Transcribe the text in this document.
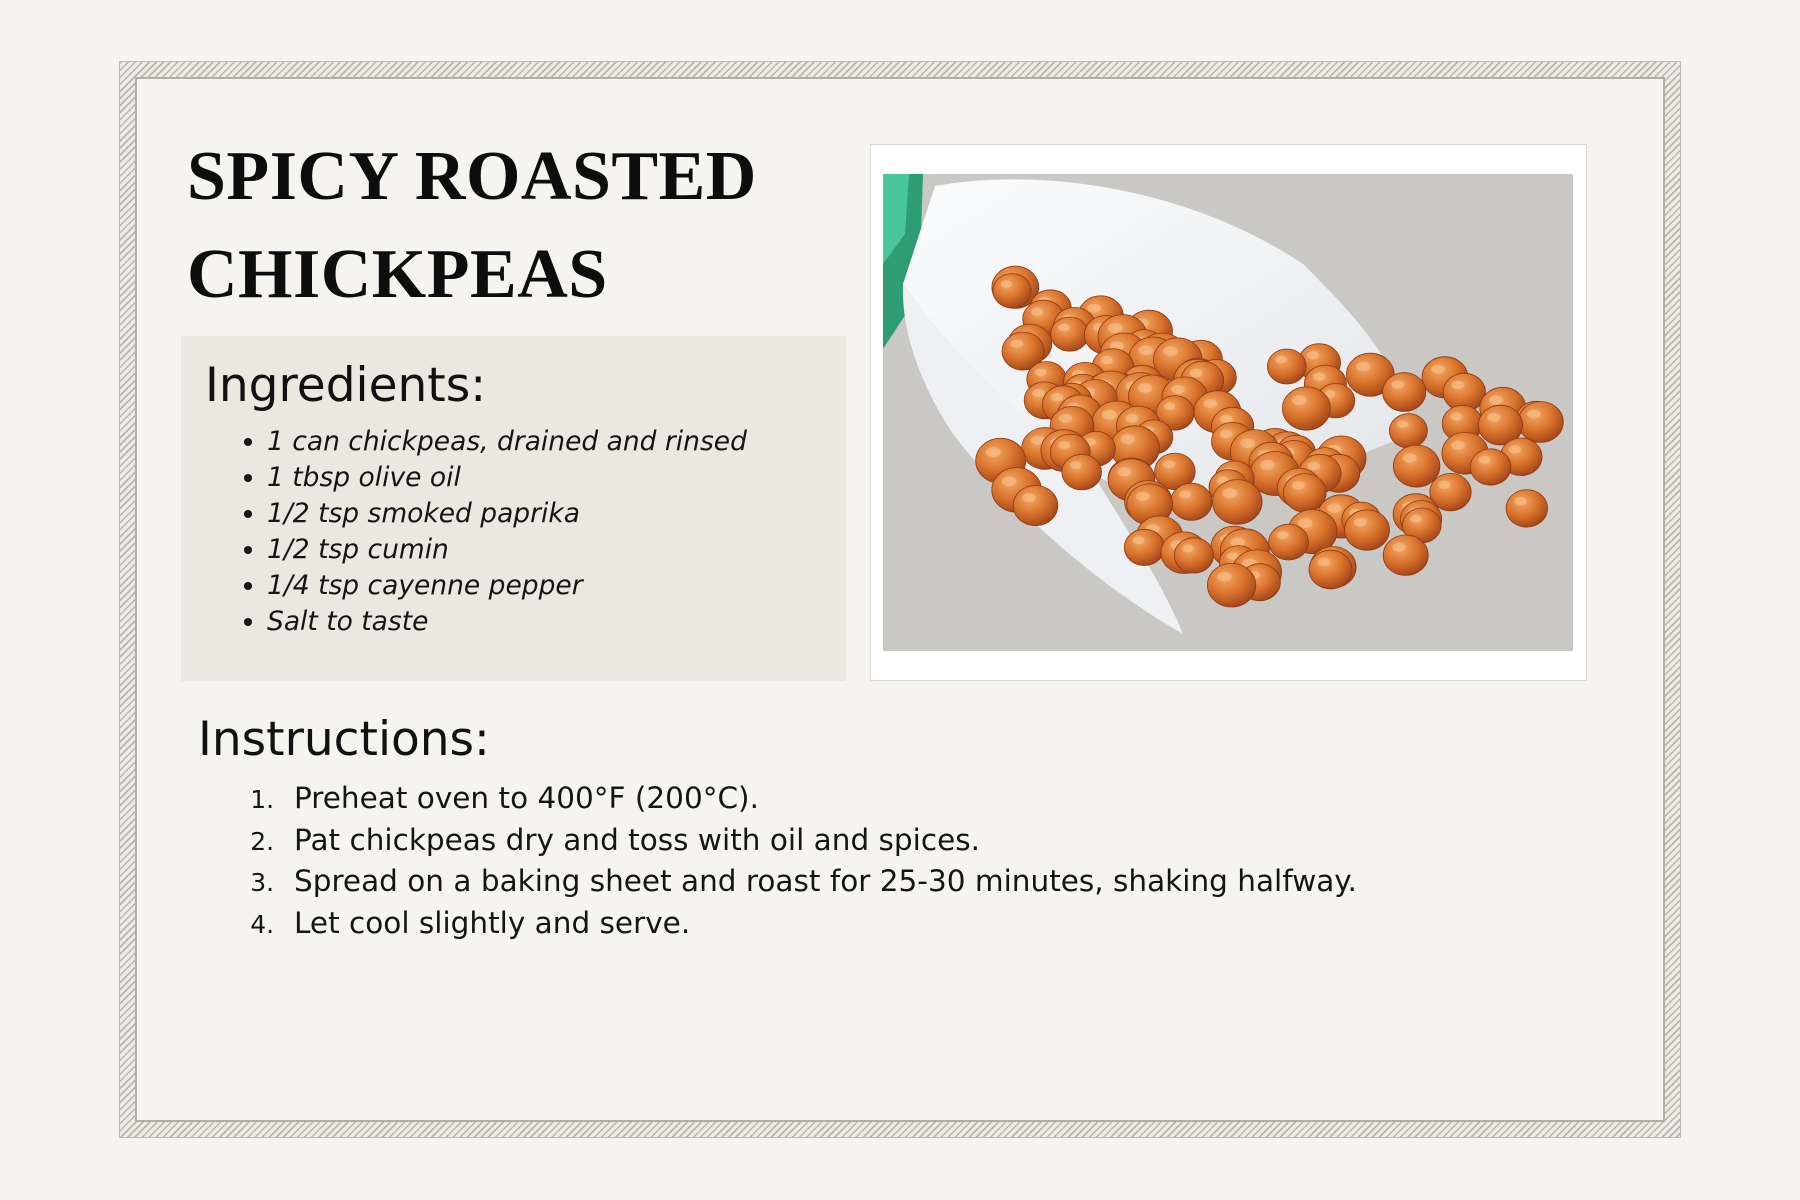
SPICY ROASTED CHICKPEAS
Ingredients:
• 1 can chickpeas, drained and rinsed
• 1 tbsp olive oil
• 1/2 tsp smoked paprika
• 1/2 tsp cumin
• 1/4 tsp cayenne pepper
• Salt to taste
Instructions:
1. Preheat oven to 400°F (200°C).
2. Pat chickpeas dry and toss with oil and spices.
3. Spread on a baking sheet and roast for 25-30 minutes, shaking halfway.
4. Let cool slightly and serve.
